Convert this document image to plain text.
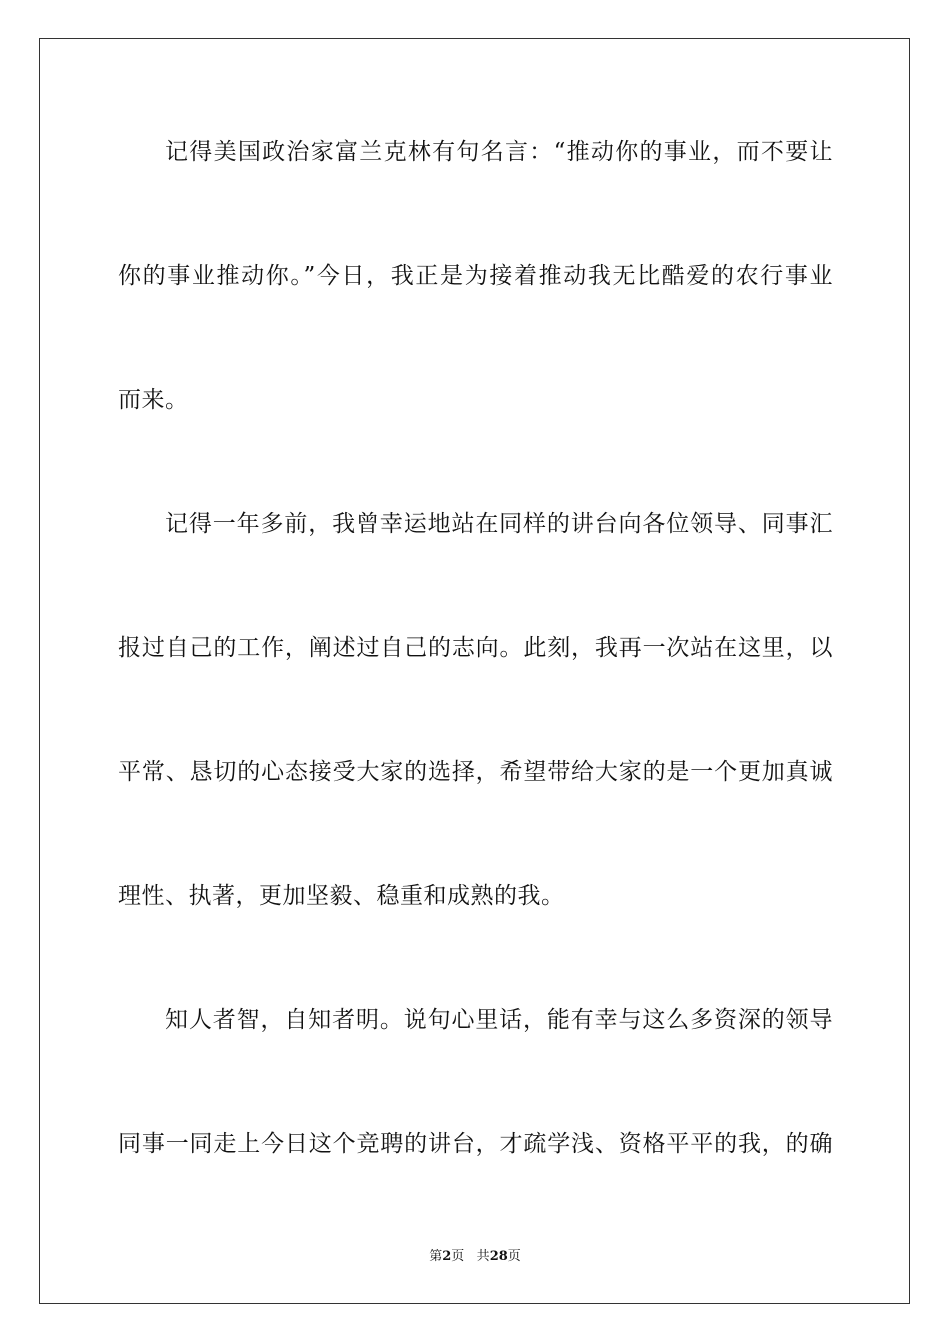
记得美国政治家富兰克林有句名言：“推动你的事业，而不要让
你的事业推动你。”今日，我正是为接着推动我无比酷爱的农行事业
而来。
记得一年多前，我曾幸运地站在同样的讲台向各位领导、同事汇
报过自己的工作，阐述过自己的志向。此刻，我再一次站在这里，以
平常、恳切的心态接受大家的选择，希望带给大家的是一个更加真诚
理性、执著，更加坚毅、稳重和成熟的我。
知人者智，自知者明。说句心里话，能有幸与这么多资深的领导
同事一同走上今日这个竞聘的讲台，才疏学浅、资格平平的我，的确
第2页 共28页
